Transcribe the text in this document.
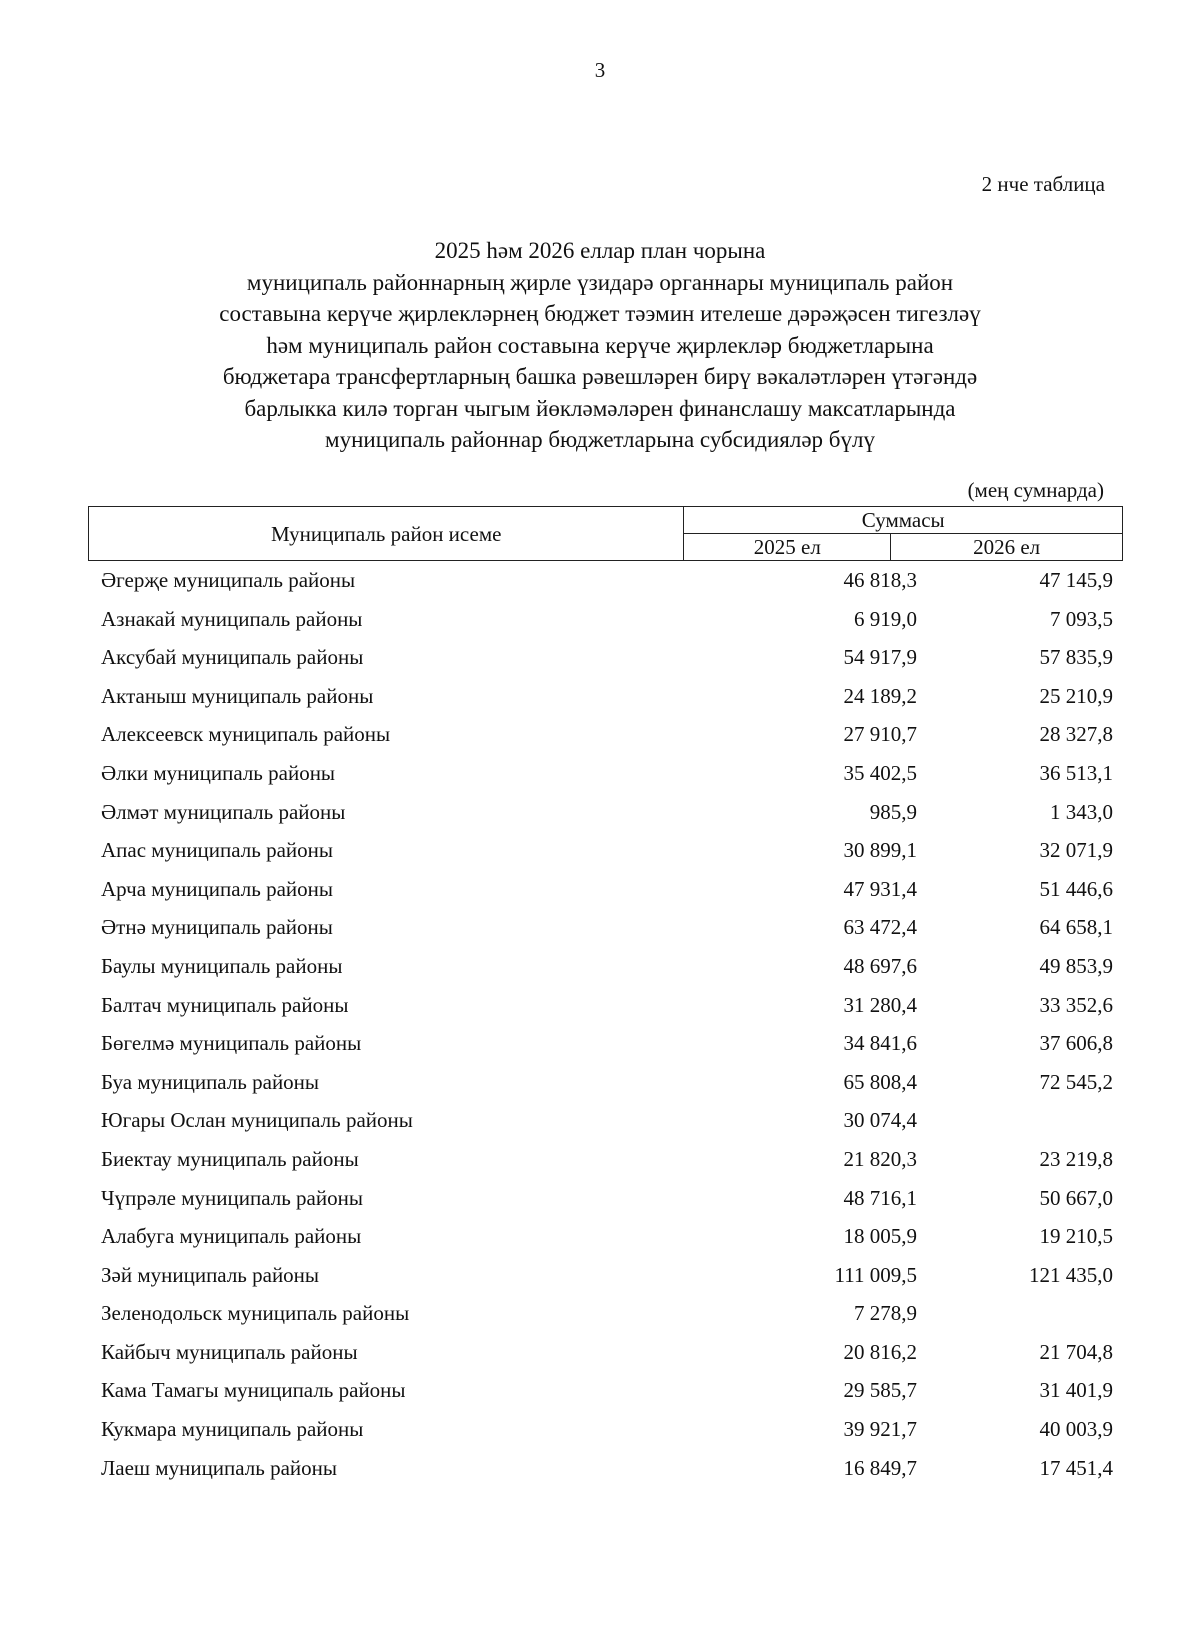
3
2 нче таблица
2025 һәм 2026 еллар план чорына
муниципаль районнарның җирле үзидарә органнары муниципаль район
составына керүче җирлекләрнең бюджет тәэмин ителеше дәрәҗәсен тигезләү
һәм муниципаль район составына керүче җирлекләр бюджетларына
бюджетара трансфертларның башка рәвешләрен бирү вәкаләтләрен үтәгәндә
барлыкка килә торган чыгым йөкләмәләрен финанслашу максатларында
муниципаль районнар бюджетларына субсидияләр бүлү
(мең сумнарда)
Муниципаль район исеме	Суммасы	
	2025 ел	2026 ел
Әгерҗе муниципаль районы	46 818,3	47 145,9
Азнакай муниципаль районы	6 919,0	7 093,5
Аксубай муниципаль районы	54 917,9	57 835,9
Актаныш муниципаль районы	24 189,2	25 210,9
Алексеевск муниципаль районы	27 910,7	28 327,8
Әлки муниципаль районы	35 402,5	36 513,1
Әлмәт муниципаль районы	985,9	1 343,0
Апас муниципаль районы	30 899,1	32 071,9
Арча муниципаль районы	47 931,4	51 446,6
Әтнә муниципаль районы	63 472,4	64 658,1
Баулы муниципаль районы	48 697,6	49 853,9
Балтач муниципаль районы	31 280,4	33 352,6
Бөгелмә муниципаль районы	34 841,6	37 606,8
Буа муниципаль районы	65 808,4	72 545,2
Югары Ослан муниципаль районы	30 074,4
Биектау муниципаль районы	21 820,3	23 219,8
Чүпрәле муниципаль районы	48 716,1	50 667,0
Алабуга муниципаль районы	18 005,9	19 210,5
Зәй муниципаль районы	111 009,5	121 435,0
Зеленодольск муниципаль районы	7 278,9
Кайбыч муниципаль районы	20 816,2	21 704,8
Кама Тамагы муниципаль районы	29 585,7	31 401,9
Кукмара муниципаль районы	39 921,7	40 003,9
Лаеш муниципаль районы	16 849,7	17 451,4
